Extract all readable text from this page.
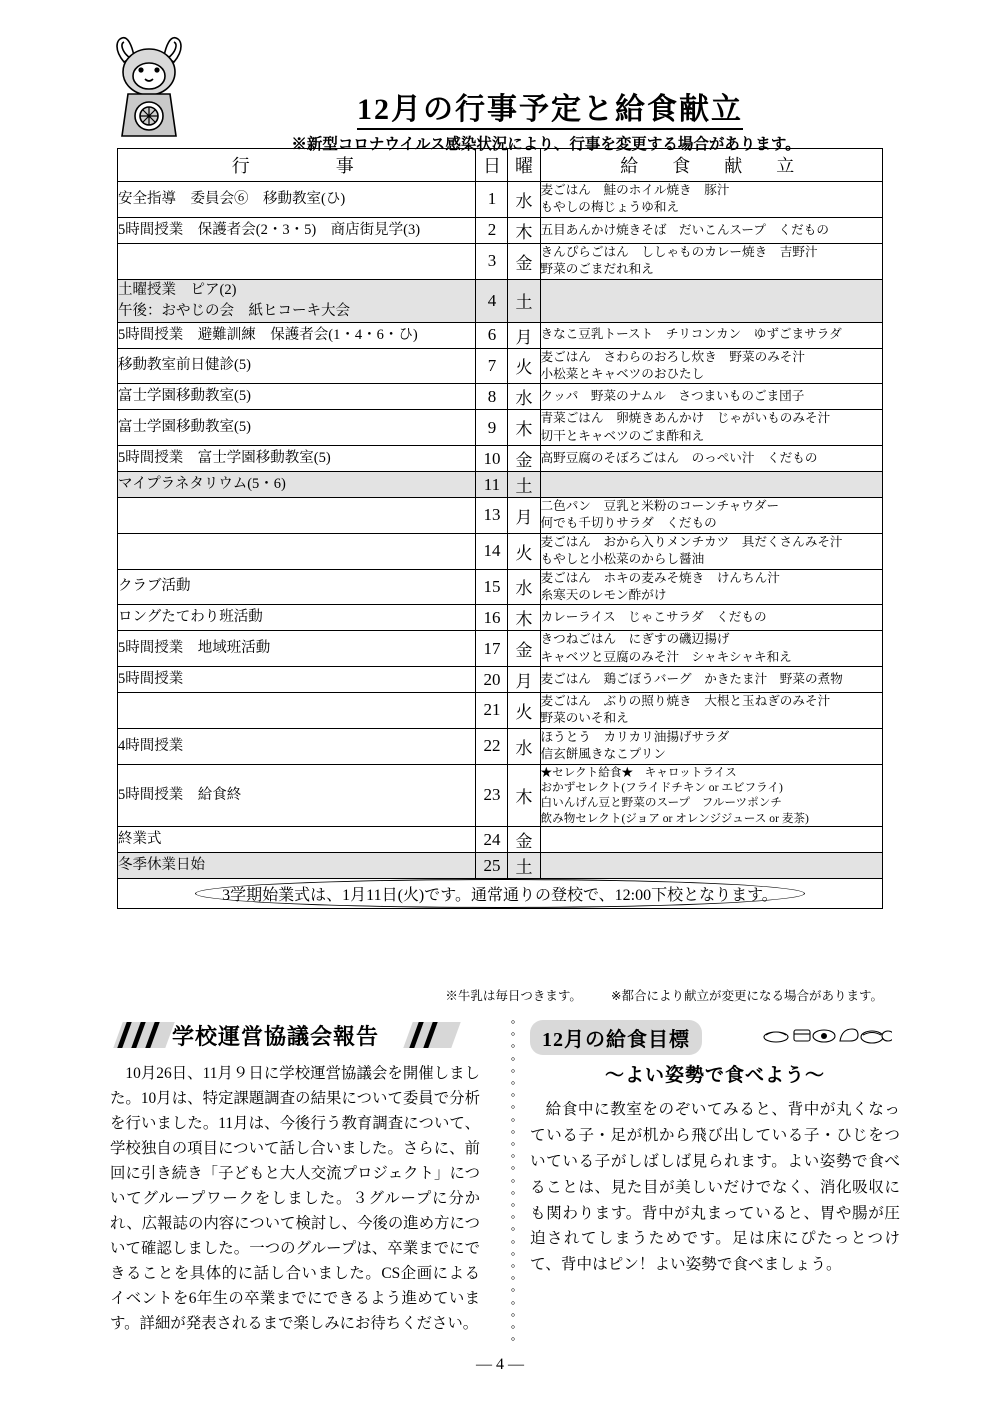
12月の行事予定と給食献立
※新型コロナウイルス感染状況により、行事を変更する場合があります。
行　　　事	日	曜	給　食　献　立

安全指導　委員会⑥　移動教室(ひ)	1	水	麦ごはん　鮭のホイル焼き　豚汁
もやしの梅じょうゆ和え

5時間授業　保護者会(2・3・5)　商店街見学(3)	2	木	五目あんかけ焼きそば　だいこんスープ　くだもの

	3	金	きんぴらごはん　ししゃものカレー焼き　吉野汁
野菜のごまだれ和え

土曜授業　ピア(2)
午後：おやじの会　紙ヒコーキ大会	4	土	

5時間授業　避難訓練　保護者会(1・4・6・ひ)	6	月	きなこ豆乳トースト　チリコンカン　ゆずごまサラダ

移動教室前日健診(5)	7	火	麦ごはん　さわらのおろし炊き　野菜のみそ汁
小松菜とキャベツのおひたし

富士学園移動教室(5)	8	水	クッパ　野菜のナムル　さつまいものごま団子

富士学園移動教室(5)	9	木	青菜ごはん　卵焼きあんかけ　じゃがいものみそ汁
切干とキャベツのごま酢和え

5時間授業　富士学園移動教室(5)	10	金	高野豆腐のそぼろごはん　のっぺい汁　くだもの

マイプラネタリウム(5・6)	11	土	

	13	月	二色パン　豆乳と米粉のコーンチャウダー
何でも千切りサラダ　くだもの

	14	火	麦ごはん　おから入りメンチカツ　具だくさんみそ汁
もやしと小松菜のからし醤油

クラブ活動	15	水	麦ごはん　ホキの麦みそ焼き　けんちん汁
糸寒天のレモン酢がけ

ロングたてわり班活動	16	木	カレーライス　じゃこサラダ　くだもの

5時間授業　地域班活動	17	金	きつねごはん　にぎすの磯辺揚げ
キャベツと豆腐のみそ汁　シャキシャキ和え

5時間授業	20	月	麦ごはん　鶏ごぼうバーグ　かきたま汁　野菜の煮物

	21	火	麦ごはん　ぶりの照り焼き　大根と玉ねぎのみそ汁
野菜のいそ和え

4時間授業	22	水	ほうとう　カリカリ油揚げサラダ
信玄餅風きなこプリン

5時間授業　給食終	23	木	★セレクト給食★　キャロットライス
おかずセレクト(フライドチキン or エビフライ)
白いんげん豆と野菜のスープ　フルーツポンチ
飲み物セレクト(ジョア or オレンジジュース or 麦茶)

終業式	24	金	

冬季休業日始	25	土	
3学期始業式は、1月11日(火)です。通常通りの登校で、12:00下校となります。			
※牛乳は毎日つきます。 ※都合により献立が変更になる場合があります。
学校運営協議会報告

10月26日、11月９日に学校運営協議会を開催しました。10月は、特定課題調査の結果について委員で分析を行いました。11月は、今後行う教育調査について、学校独自の項目について話し合いました。さらに、前回に引き続き「子どもと大人交流プロジェクト」についてグループワークをしました。３グループに分かれ、広報誌の内容について検討し、今後の進め方について確認しました。一つのグループは、卒業までにできることを具体的に話し合いました。CS企画によるイベントを6年生の卒業までにできるよう進めています。詳細が発表されるまで楽しみにお待ちください。

◦
◦
◦
◦
◦
◦
◦
◦
◦
◦
◦
◦
◦
◦
◦
◦
◦
◦
◦
◦
◦
◦
◦
◦
◦
◦
◦

12月の給食目標
〜よい姿勢で食べよう〜

給食中に教室をのぞいてみると、背中が丸くなっている子・足が机から飛び出している子・ひじをついている子がしばしば見られます。よい姿勢で食べることは、見た目が美しいだけでなく、消化吸収にも関わります。背中が丸まっていると、胃や腸が圧迫されてしまうためです。足は床にぴたっとつけて、背中はピン！よい姿勢で食べましょう。

— 4 —
